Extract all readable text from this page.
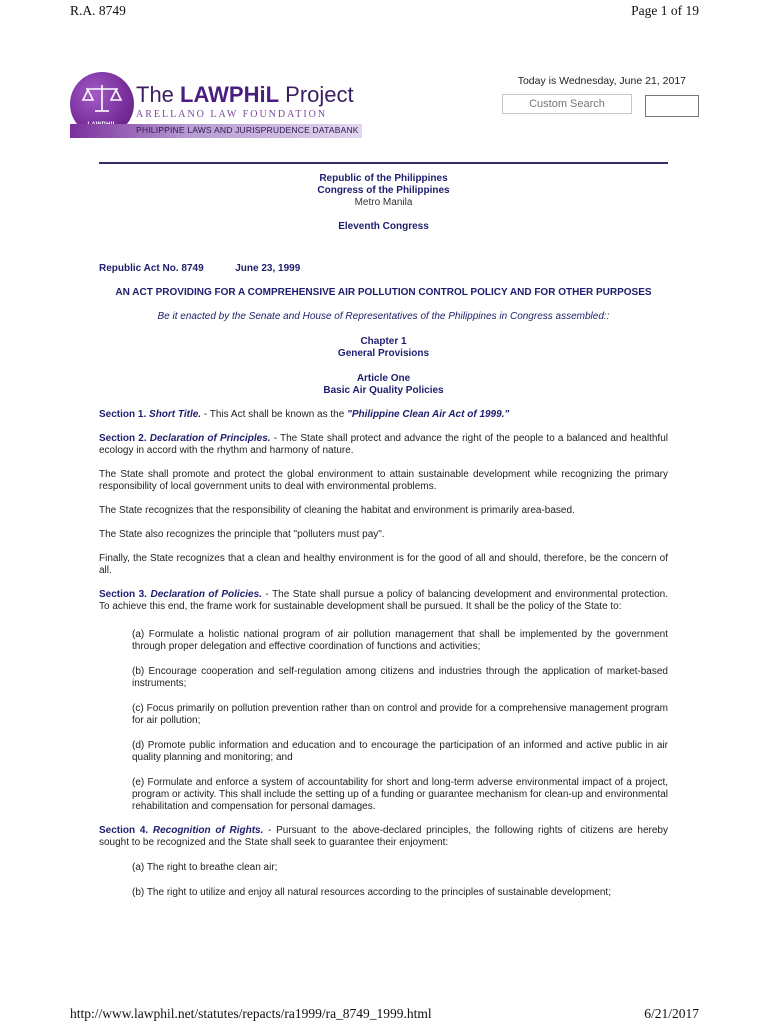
R.A. 8749	Page 1 of 19
The LAWPHiL Project
ARELLANO LAW FOUNDATION
PHILIPPINE LAWS AND JURISPRUDENCE DATABANK
Today is Wednesday, June 21, 2017
Custom Search
Republic of the Philippines
Congress of the Philippines
Metro Manila
Eleventh Congress
Republic Act No. 8749	June 23, 1999
AN ACT PROVIDING FOR A COMPREHENSIVE AIR POLLUTION CONTROL POLICY AND FOR OTHER PURPOSES
Be it enacted by the Senate and House of Representatives of the Philippines in Congress assembled::
Chapter 1
General Provisions
Article One
Basic Air Quality Policies

Section 1. Short Title. - This Act shall be known as the "Philippine Clean Air Act of 1999."

Section 2. Declaration of Principles. - The State shall protect and advance the right of the people to a balanced and healthful ecology in accord with the rhythm and harmony of nature.

The State shall promote and protect the global environment to attain sustainable development while recognizing the primary responsibility of local government units to deal with environmental problems.

The State recognizes that the responsibility of cleaning the habitat and environment is primarily area-based.

The State also recognizes the principle that "polluters must pay".

Finally, the State recognizes that a clean and healthy environment is for the good of all and should, therefore, be the concern of all.

Section 3. Declaration of Policies. - The State shall pursue a policy of balancing development and environmental protection. To achieve this end, the frame work for sustainable development shall be pursued. It shall be the policy of the State to:

(a) Formulate a holistic national program of air pollution management that shall be implemented by the government through proper delegation and effective coordination of functions and activities;

(b) Encourage cooperation and self-regulation among citizens and industries through the application of market-based instruments;

(c) Focus primarily on pollution prevention rather than on control and provide for a comprehensive management program for air pollution;

(d) Promote public information and education and to encourage the participation of an informed and active public in air quality planning and monitoring; and

(e) Formulate and enforce a system of accountability for short and long-term adverse environmental impact of a project, program or activity. This shall include the setting up of a funding or guarantee mechanism for clean-up and environmental rehabilitation and compensation for personal damages.

Section 4. Recognition of Rights. - Pursuant to the above-declared principles, the following rights of citizens are hereby sought to be recognized and the State shall seek to guarantee their enjoyment:

(a) The right to breathe clean air;

(b) The right to utilize and enjoy all natural resources according to the principles of sustainable development;

http://www.lawphil.net/statutes/repacts/ra1999/ra_8749_1999.html	6/21/2017
